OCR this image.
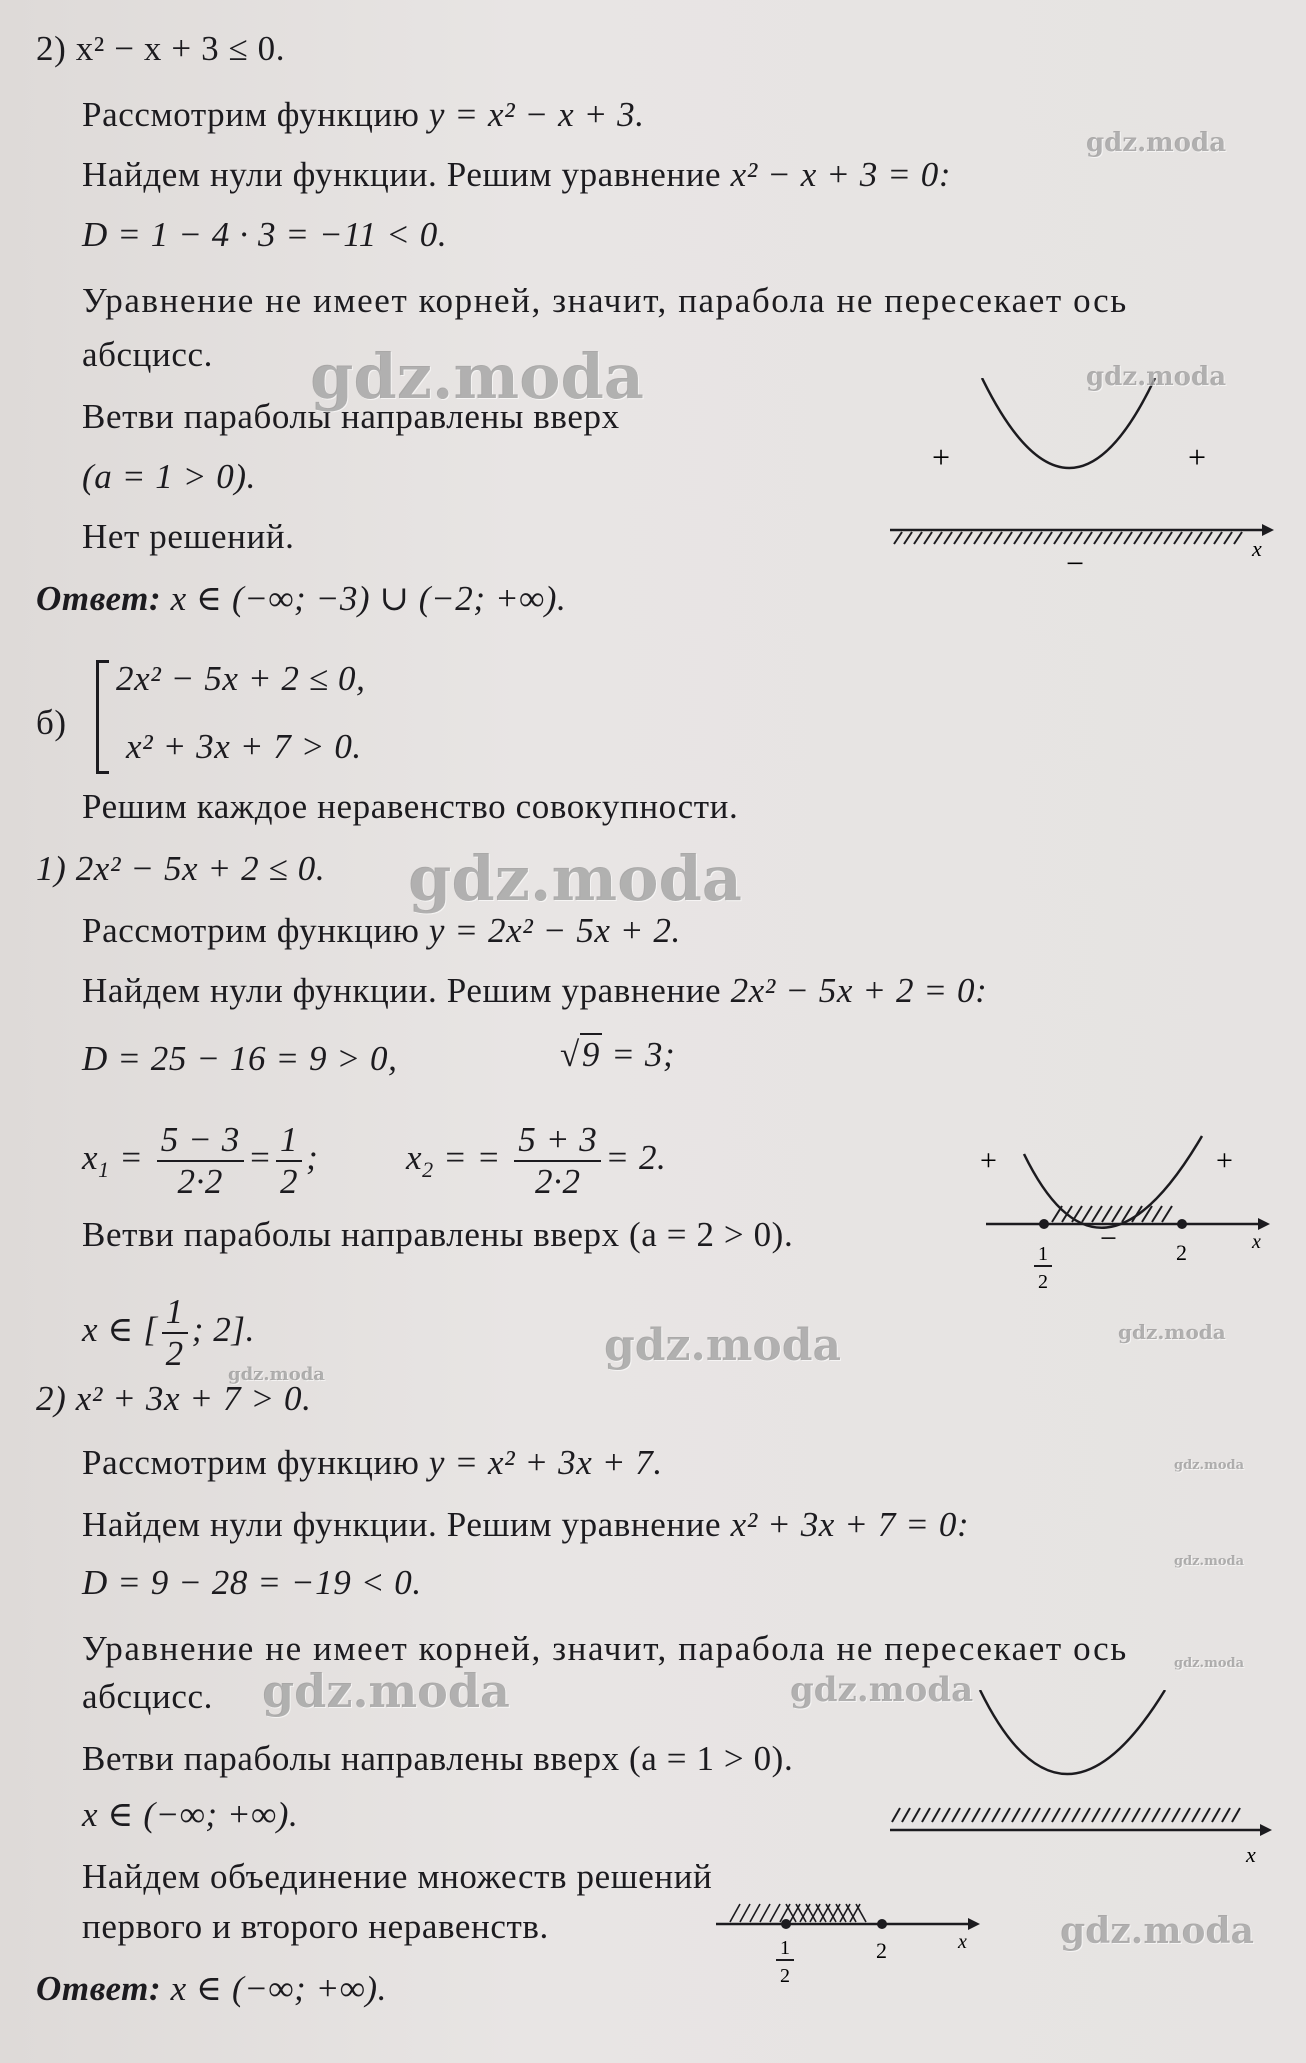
2) x² − x + 3 ≤ 0.
Рассмотрим функцию y = x² − x + 3.
Найдем нули функции. Решим уравнение x² − x + 3 = 0:
D = 1 − 4 · 3 = −11 < 0.
Уравнение не имеет корней, значит, парабола не пересекает ось
абсцисс.
Ветви параболы направлены вверх
(a = 1 > 0).
Нет решений.
Ответ: x ∈ (−∞; −3) ∪ (−2; +∞).
+	+
−	x
б)
2x² − 5x + 2 ≤ 0,
x² + 3x + 7 > 0.
Решим каждое неравенство совокупности.
1) 2x² − 5x + 2 ≤ 0.
Рассмотрим функцию y = 2x² − 5x + 2.
Найдем нули функции. Решим уравнение 2x² − 5x + 2 = 0:
D = 25 − 16 = 9 > 0,	√9 = 3;
$x_1 = \frac{5 - 3}{2\cdot 2} = \frac{1}{2}$ ;	$x_2$ = = $\frac{5 + 3}{2\cdot 2} = 2$.
Ветви параболы направлены вверх (a = 2 > 0).
x ∈ [ $\frac{1}{2}$ ; 2].
+	+
−	x
2
1
2
2) x² + 3x + 7 > 0.
Рассмотрим функцию y = x² + 3x + 7.
Найдем нули функции. Решим уравнение x² + 3x + 7 = 0:
D = 9 − 28 = −19 < 0.
Уравнение не имеет корней, значит, парабола не пересекает ось
абсцисс.
Ветви параболы направлены вверх (a = 1 > 0).
x ∈ (−∞; +∞).
x
Найдем объединение множеств решений
первого и второго неравенств.	x
2
1
2
Ответ: x ∈ (−∞; +∞).
gdz.moda
gdz.moda
gdz.moda
gdz.moda
gdz.moda	gdz.moda
gdz.moda
gdz.moda
gdz.moda
gdz.moda
gdz.moda	gdz.moda
gdz.moda
